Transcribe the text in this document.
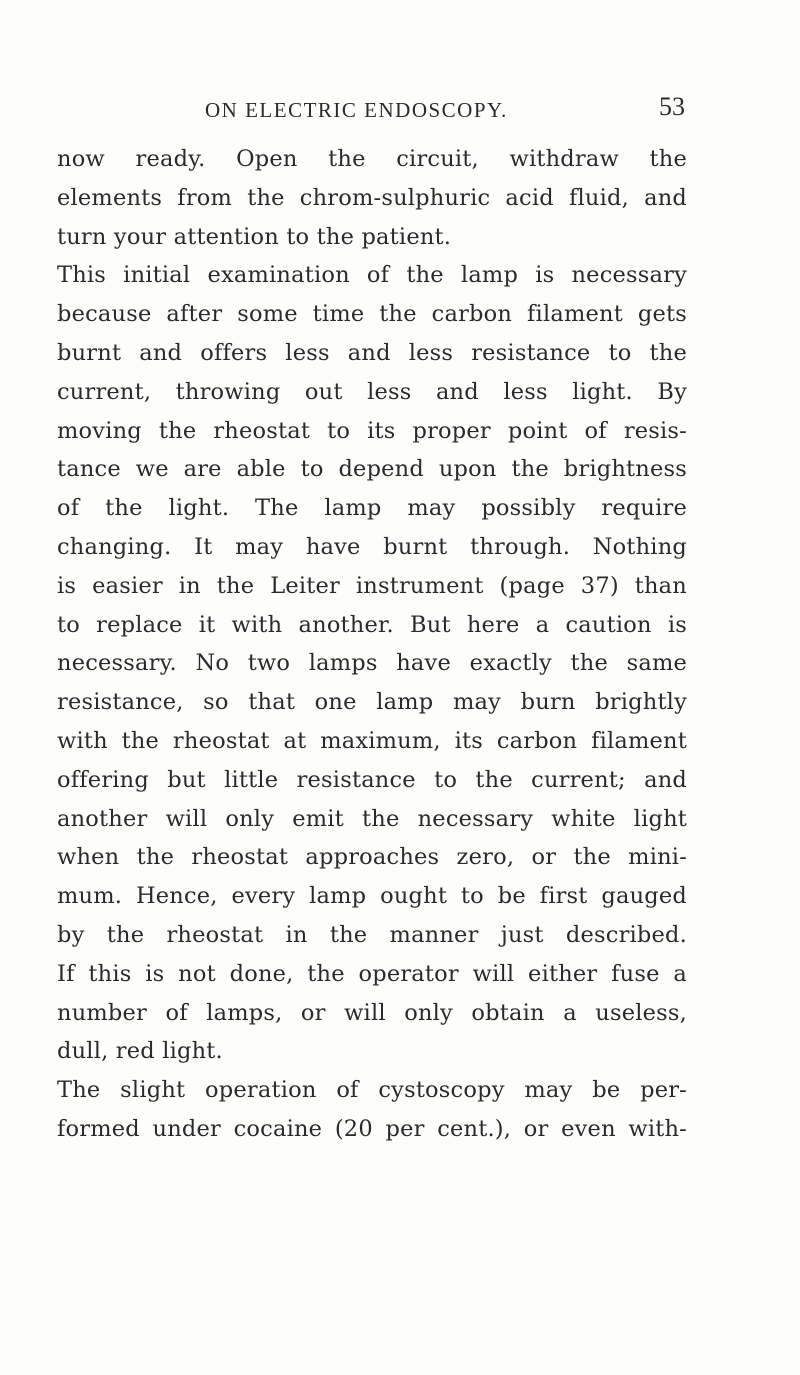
ON ELECTRIC ENDOSCOPY.	53
now ready. Open the circuit, withdraw the
elements from the chrom-sulphuric acid fluid, and
turn your attention to the patient.
This initial examination of the lamp is necessary
because after some time the carbon filament gets
burnt and offers less and less resistance to the
current, throwing out less and less light. By
moving the rheostat to its proper point of resis-
tance we are able to depend upon the brightness
of the light. The lamp may possibly require
changing. It may have burnt through. Nothing
is easier in the Leiter instrument (page 37) than
to replace it with another. But here a caution is
necessary. No two lamps have exactly the same
resistance, so that one lamp may burn brightly
with the rheostat at maximum, its carbon filament
offering but little resistance to the current; and
another will only emit the necessary white light
when the rheostat approaches zero, or the mini-
mum. Hence, every lamp ought to be first gauged
by the rheostat in the manner just described.
If this is not done, the operator will either fuse a
number of lamps, or will only obtain a useless,
dull, red light.
The slight operation of cystoscopy may be per-
formed under cocaine (20 per cent.), or even with-
